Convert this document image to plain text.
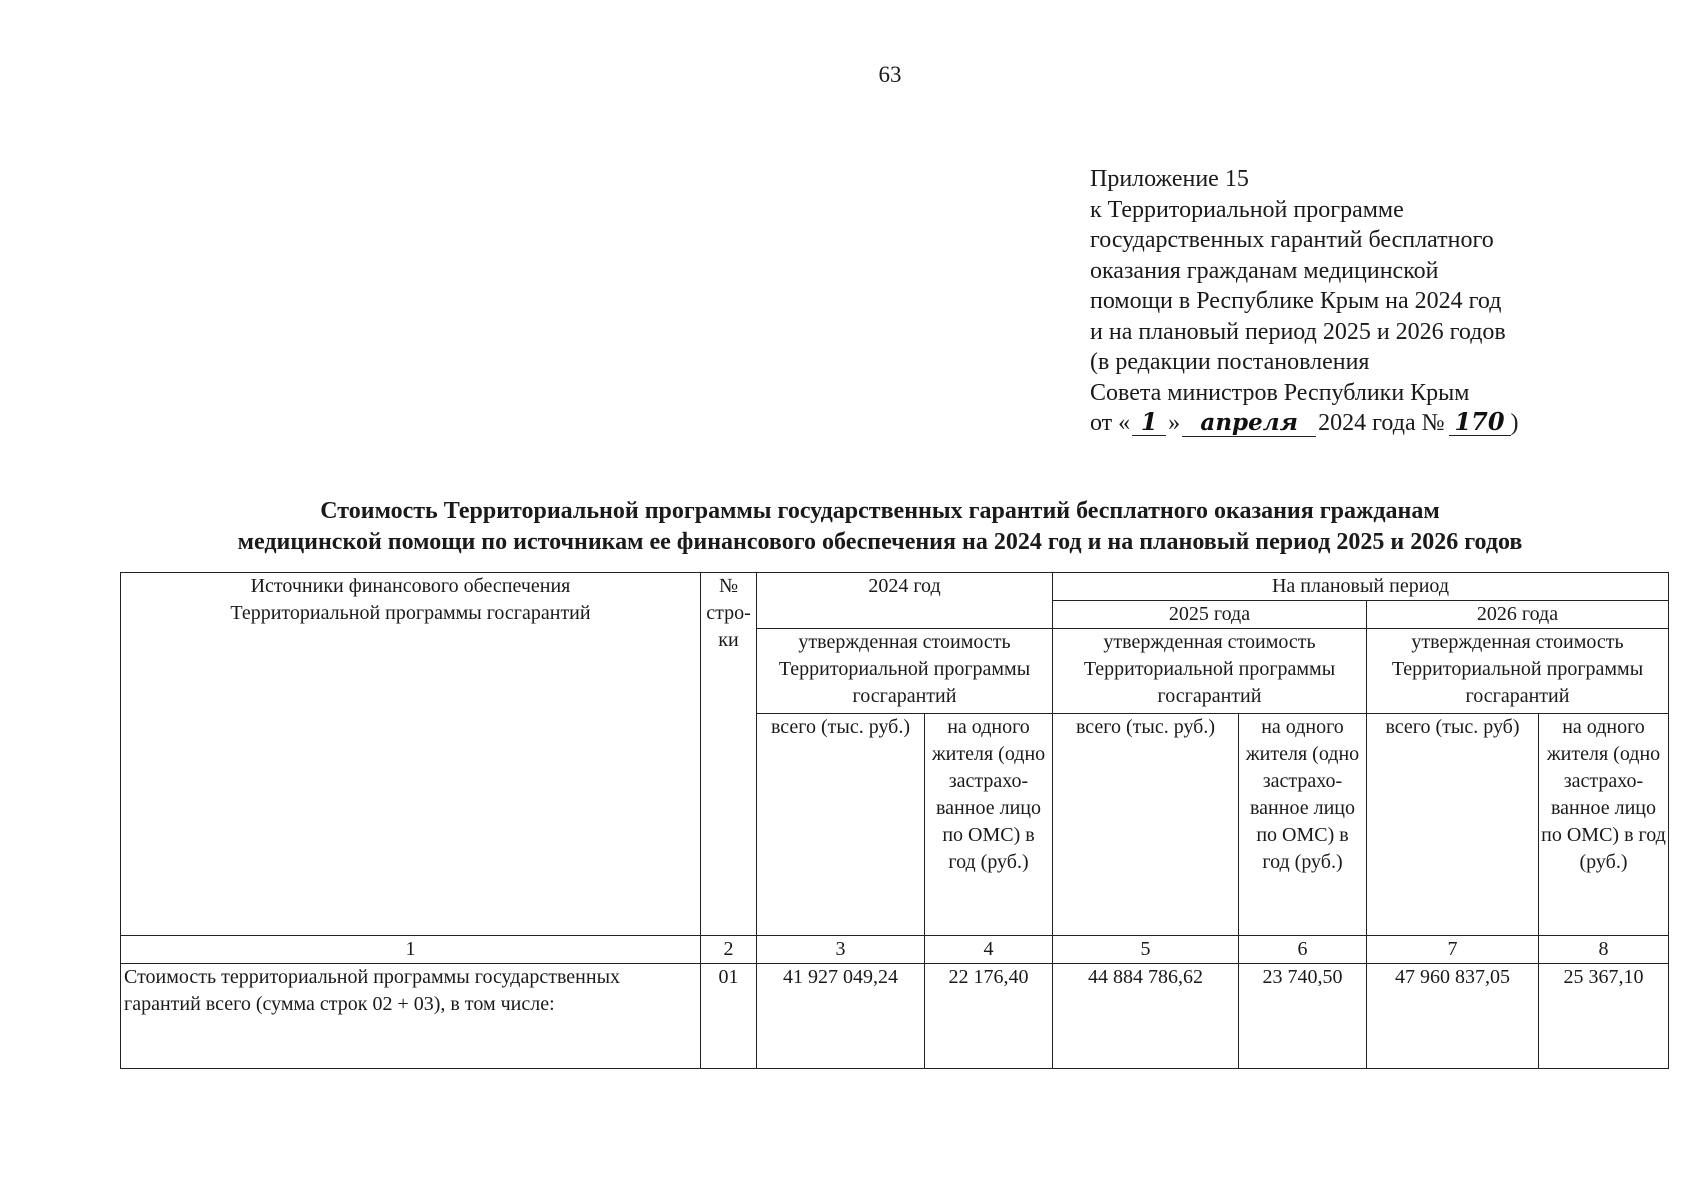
63
Приложение 15
к Территориальной программе
государственных гарантий бесплатного
оказания гражданам медицинской
помощи в Республике Крым на 2024 год
и на плановый период 2025 и 2026 годов
(в редакции постановления
Совета министров Республики Крым
от « 1 » апреля 2024 года № 170 )
Стоимость Территориальной программы государственных гарантий бесплатного оказания гражданам
медицинской помощи по источникам ее финансового обеспечения на 2024 год и на плановый период 2025 и 2026 годов
Источники финансового обеспечения Территориальной программы госгарантий	№ стро-ки	2024 год		На плановый период			
				2025 года		2026 года	
		утвержденная стоимость Территориальной программы госгарантий		утвержденная стоимость Территориальной программы госгарантий		утвержденная стоимость Территориальной программы госгарантий	
		всего (тыс. руб.)	на одного жителя (одно застрахо-ванное лицо по ОМС) в год (руб.)	всего (тыс. руб.)	на одного жителя (одно застрахо-ванное лицо по ОМС) в год (руб.)	всего (тыс. руб)	на одного жителя (одно застрахо-ванное лицо по ОМС) в год (руб.)
1	2	3	4	5	6	7	8
Стоимость территориальной программы государственных гарантий всего (сумма строк 02 + 03), в том числе:	01	41 927 049,24	22 176,40	44 884 786,62	23 740,50	47 960 837,05	25 367,10
